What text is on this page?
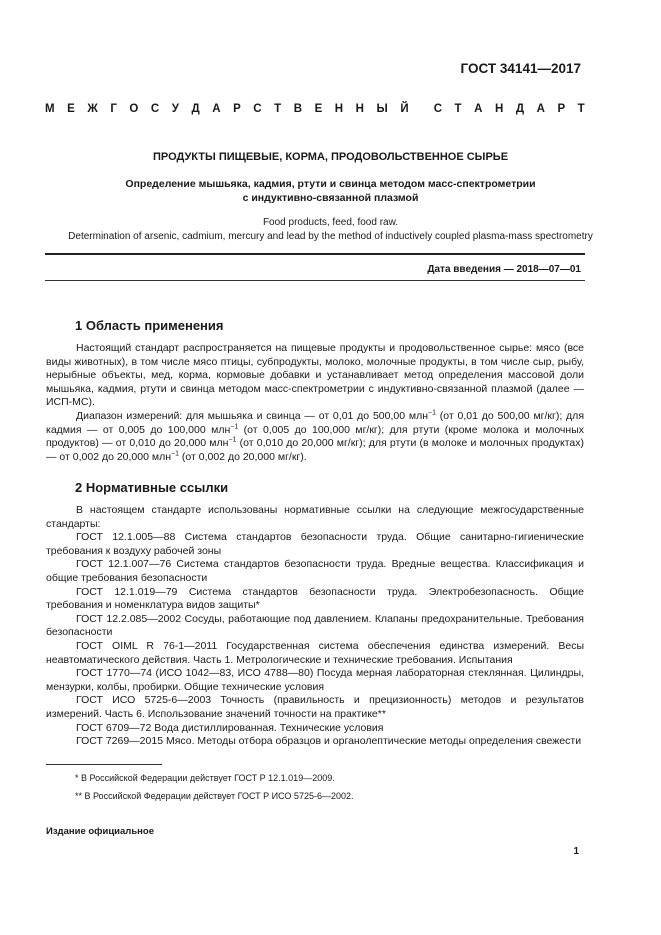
ГОСТ 34141—2017
М Е Ж Г О С У Д А Р С Т В Е Н Н Ы Й С Т А Н Д А Р Т
ПРОДУКТЫ ПИЩЕВЫЕ, КОРМА, ПРОДОВОЛЬСТВЕННОЕ СЫРЬЕ
Определение мышьяка, кадмия, ртути и свинца методом масс-спектрометрии
с индуктивно-связанной плазмой
Food products, feed, food raw.
Determination of arsenic, cadmium, mercury and lead by the method of inductively coupled plasma-mass spectrometry
Дата введения — 2018—07—01
1 Область применения

Настоящий стандарт распространяется на пищевые продукты и продовольственное сырье: мясо (все виды животных), в том числе мясо птицы, субпродукты, молоко, молочные продукты, в том числе сыр, рыбу, нерыбные объекты, мед, корма, кормовые добавки и устанавливает метод определения массовой доли мышьяка, кадмия, ртути и свинца методом масс-спектрометрии с индуктивно-связанной плазмой (далее — ИСП-МС).

Диапазон измерений: для мышьяка и свинца — от 0,01 до 500,00 млн$^{-1}$ (от 0,01 до 500,00 мг/кг); для кадмия — от 0,005 до 100,000 млн$^{-1}$ (от 0,005 до 100,000 мг/кг); для ртути (кроме молока и молочных продуктов) — от 0,010 до 20,000 млн$^{-1}$ (от 0,010 до 20,000 мг/кг); для ртути (в молоке и молочных продуктах) — от 0,002 до 20,000 млн$^{-1}$ (от 0,002 до 20,000 мг/кг).

2 Нормативные ссылки

В настоящем стандарте использованы нормативные ссылки на следующие межгосударственные стандарты:

ГОСТ 12.1.005—88 Система стандартов безопасности труда. Общие санитарно-гигиенические требования к воздуху рабочей зоны

ГОСТ 12.1.007—76 Система стандартов безопасности труда. Вредные вещества. Классификация и общие требования безопасности

ГОСТ 12.1.019—79 Система стандартов безопасности труда. Электробезопасность. Общие требования и номенклатура видов защиты*

ГОСТ 12.2.085—2002 Сосуды, работающие под давлением. Клапаны предохранительные. Требования безопасности

ГОСТ OIML R 76-1—2011 Государственная система обеспечения единства измерений. Весы неавтоматического действия. Часть 1. Метрологические и технические требования. Испытания

ГОСТ 1770—74 (ИСО 1042—83, ИСО 4788—80) Посуда мерная лабораторная стеклянная. Цилиндры, мензурки, колбы, пробирки. Общие технические условия

ГОСТ ИСО 5725-6—2003 Точность (правильность и прецизионность) методов и результатов измерений. Часть 6. Использование значений точности на практике**

ГОСТ 6709—72 Вода дистиллированная. Технические условия

ГОСТ 7269—2015 Мясо. Методы отбора образцов и органолептические методы определения свежести

* В Российской Федерации действует ГОСТ Р 12.1.019—2009.
** В Российской Федерации действует ГОСТ Р ИСО 5725-6—2002.
Издание официальное
1
